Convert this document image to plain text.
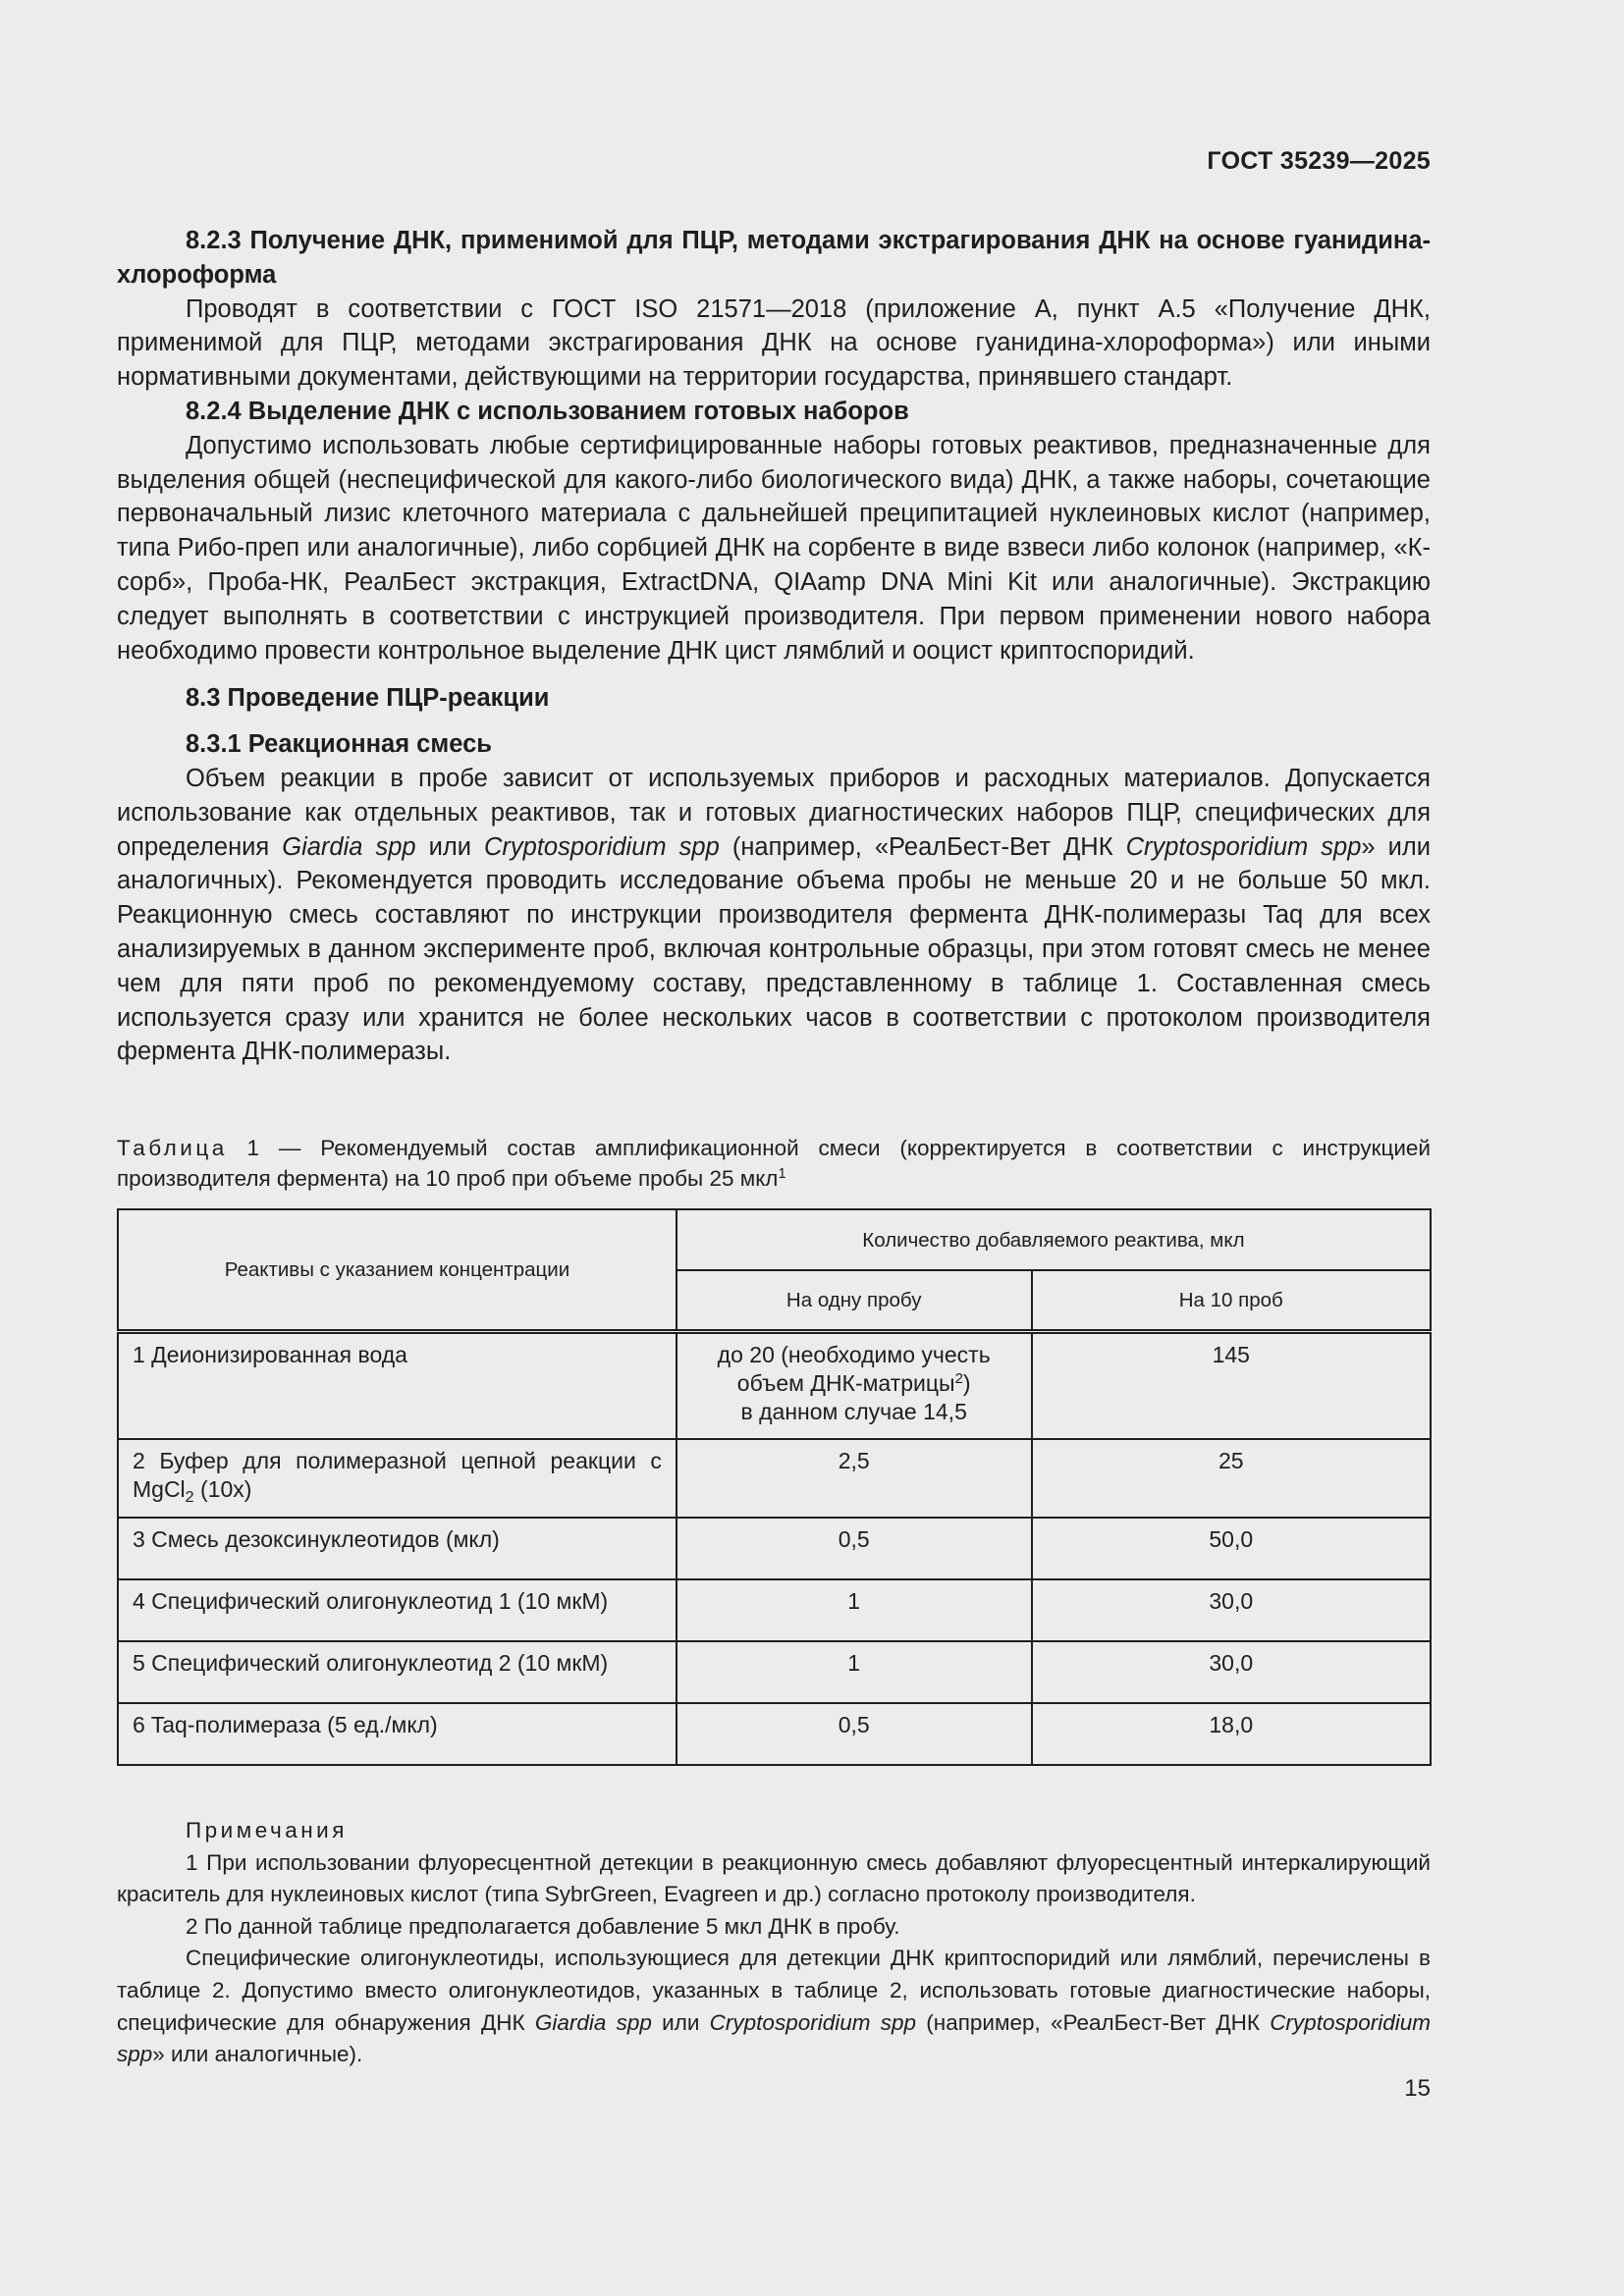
ГОСТ 35239—2025

8.2.3 Получение ДНК, применимой для ПЦР, методами экстрагирования ДНК на основе гуанидина-хлороформа

Проводят в соответствии с ГОСТ ISO 21571—2018 (приложение А, пункт А.5 «Получение ДНК, применимой для ПЦР, методами экстрагирования ДНК на основе гуанидина-хлороформа») или иными нормативными документами, действующими на территории государства, принявшего стандарт.

8.2.4 Выделение ДНК с использованием готовых наборов

Допустимо использовать любые сертифицированные наборы готовых реактивов, предназначенные для выделения общей (неспецифической для какого-либо биологического вида) ДНК, а также наборы, сочетающие первоначальный лизис клеточного материала с дальнейшей преципитацией нуклеиновых кислот (например, типа Рибо-преп или аналогичные), либо сорбцией ДНК на сорбенте в виде взвеси либо колонок (например, «К-сорб», Проба-НК, РеалБест экстракция, ExtractDNA, QIAamp DNA Mini Kit или аналогичные). Экстракцию следует выполнять в соответствии с инструкцией производителя. При первом применении нового набора необходимо провести контрольное выделение ДНК цист лямблий и ооцист криптоспоридий.

8.3 Проведение ПЦР-реакции

8.3.1 Реакционная смесь

Объем реакции в пробе зависит от используемых приборов и расходных материалов. Допускается использование как отдельных реактивов, так и готовых диагностических наборов ПЦР, специфических для определения Giardia spp или Cryptosporidium spp (например, «РеалБест-Вет ДНК Cryptosporidium spp» или аналогичных). Рекомендуется проводить исследование объема пробы не меньше 20 и не больше 50 мкл. Реакционную смесь составляют по инструкции производителя фермента ДНК-полимеразы Taq для всех анализируемых в данном эксперименте проб, включая контрольные образцы, при этом готовят смесь не менее чем для пяти проб по рекомендуемому составу, представленному в таблице 1. Составленная смесь используется сразу или хранится не более нескольких часов в соответствии с протоколом производителя фермента ДНК-полимеразы.

Таблица 1 — Рекомендуемый состав амплификационной смеси (корректируется в соответствии с инструкцией производителя фермента) на 10 проб при объеме пробы 25 мкл$^1$

Реактивы с указанием концентрации	Количество добавляемого реактива, мкл	
	На одну пробу	На 10 проб
1 Деионизированная вода	до 20 (необходимо учесть
объем ДНК-матрицы$^2$)
в данном случае 14,5	145
2 Буфер для полимеразной цепной реакции с MgCl$_2$ (10x)	2,5	25
3 Смесь дезоксинуклеотидов (мкл)	0,5	50,0
4 Специфический олигонуклеотид 1 (10 мкМ)	1	30,0
5 Специфический олигонуклеотид 2 (10 мкМ)	1	30,0
6 Taq-полимераза (5 ед./мкл)	0,5	18,0

Примечания

1 При использовании флуоресцентной детекции в реакционную смесь добавляют флуоресцентный интеркалирующий краситель для нуклеиновых кислот (типа SybrGreen, Evagreen и др.) согласно протоколу производителя.

2 По данной таблице предполагается добавление 5 мкл ДНК в пробу.

Специфические олигонуклеотиды, использующиеся для детекции ДНК криптоспоридий или лямблий, перечислены в таблице 2. Допустимо вместо олигонуклеотидов, указанных в таблице 2, использовать готовые диагностические наборы, специфические для обнаружения ДНК Giardia spp или Cryptosporidium spp (например, «РеалБест-Вет ДНК Cryptosporidium spp» или аналогичные).

15
